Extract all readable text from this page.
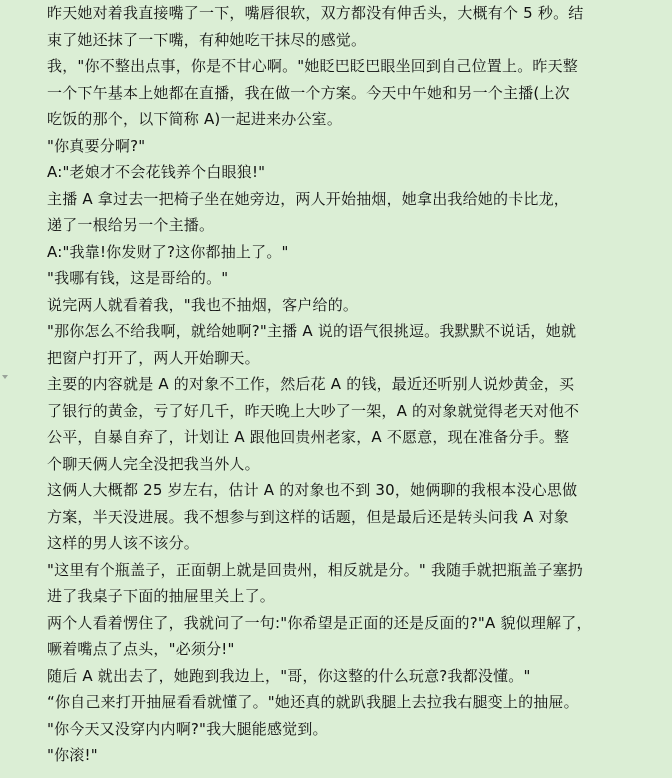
昨天她对着我直接嘴了一下，嘴唇很软，双方都没有伸舌头，大概有个 5 秒。结
束了她还抹了一下嘴，有种她吃干抹尽的感觉。
我，"你不整出点事，你是不甘心啊。"她眨巴眨巴眼坐回到自己位置上。昨天整
一个下午基本上她都在直播，我在做一个方案。今天中午她和另一个主播(上次
吃饭的那个，以下简称 A)一起进来办公室。
"你真要分啊?"
A:"老娘才不会花钱养个白眼狼!"
主播 A 拿过去一把椅子坐在她旁边，两人开始抽烟，她拿出我给她的卡比龙，
递了一根给另一个主播。
A:"我靠!你发财了?这你都抽上了。"
"我哪有钱，这是哥给的。"
说完两人就看着我，"我也不抽烟，客户给的。
"那你怎么不给我啊，就给她啊?"主播 A 说的语气很挑逗。我默默不说话，她就
把窗户打开了，两人开始聊天。
主要的内容就是 A 的对象不工作，然后花 A 的钱，最近还听别人说炒黄金，买
了银行的黄金，亏了好几千，昨天晚上大吵了一架，A 的对象就觉得老天对他不
公平，自暴自弃了，计划让 A 跟他回贵州老家，A 不愿意，现在准备分手。整
个聊天俩人完全没把我当外人。
这俩人大概都 25 岁左右，估计 A 的对象也不到 30，她俩聊的我根本没心思做
方案，半天没进展。我不想参与到这样的话题，但是最后还是转头问我 A 对象
这样的男人该不该分。
"这里有个瓶盖子，正面朝上就是回贵州，相反就是分。" 我随手就把瓶盖子塞扔
进了我桌子下面的抽屉里关上了。
两个人看着愣住了，我就问了一句:"你希望是正面的还是反面的?"A 貌似理解了，
噘着嘴点了点头，"必须分!"
随后 A 就出去了，她跑到我边上，"哥，你这整的什么玩意?我都没懂。"
“你自己来打开抽屉看看就懂了。"她还真的就趴我腿上去拉我右腿变上的抽屉。
"你今天又没穿内内啊?"我大腿能感觉到。
"你滚!"
